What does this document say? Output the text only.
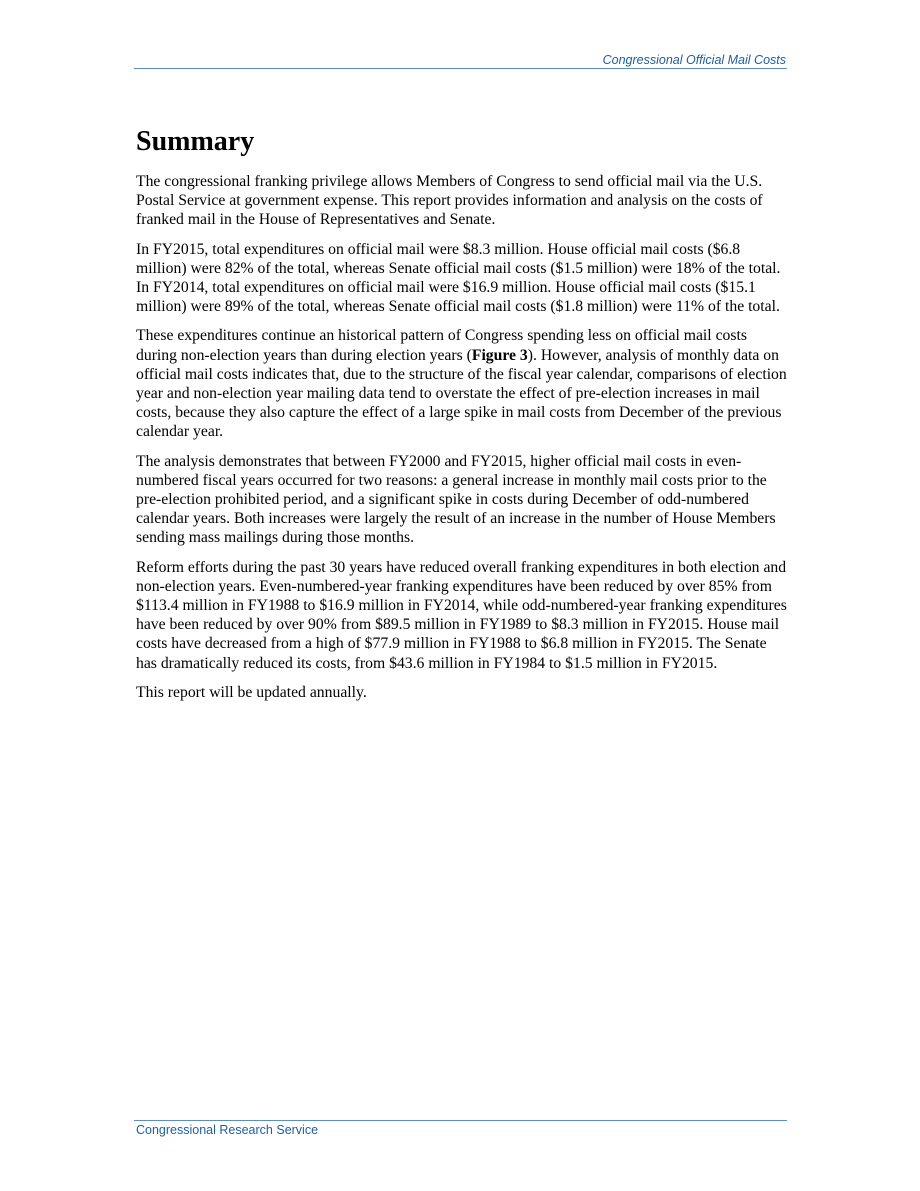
Congressional Official Mail Costs
Summary

The congressional franking privilege allows Members of Congress to send official mail via the U.S. Postal Service at government expense. This report provides information and analysis on the costs of franked mail in the House of Representatives and Senate.

In FY2015, total expenditures on official mail were $8.3 million. House official mail costs ($6.8 million) were 82% of the total, whereas Senate official mail costs ($1.5 million) were 18% of the total. In FY2014, total expenditures on official mail were $16.9 million. House official mail costs ($15.1 million) were 89% of the total, whereas Senate official mail costs ($1.8 million) were 11% of the total.

These expenditures continue an historical pattern of Congress spending less on official mail costs during non-election years than during election years (Figure 3). However, analysis of monthly data on official mail costs indicates that, due to the structure of the fiscal year calendar, comparisons of election year and non-election year mailing data tend to overstate the effect of pre-election increases in mail costs, because they also capture the effect of a large spike in mail costs from December of the previous calendar year.

The analysis demonstrates that between FY2000 and FY2015, higher official mail costs in even-numbered fiscal years occurred for two reasons: a general increase in monthly mail costs prior to the pre-election prohibited period, and a significant spike in costs during December of odd-numbered calendar years. Both increases were largely the result of an increase in the number of House Members sending mass mailings during those months.

Reform efforts during the past 30 years have reduced overall franking expenditures in both election and non-election years. Even-numbered-year franking expenditures have been reduced by over 85% from $113.4 million in FY1988 to $16.9 million in FY2014, while odd-numbered-year franking expenditures have been reduced by over 90% from $89.5 million in FY1989 to $8.3 million in FY2015. House mail costs have decreased from a high of $77.9 million in FY1988 to $6.8 million in FY2015. The Senate has dramatically reduced its costs, from $43.6 million in FY1984 to $1.5 million in FY2015.

This report will be updated annually.

Congressional Research Service
